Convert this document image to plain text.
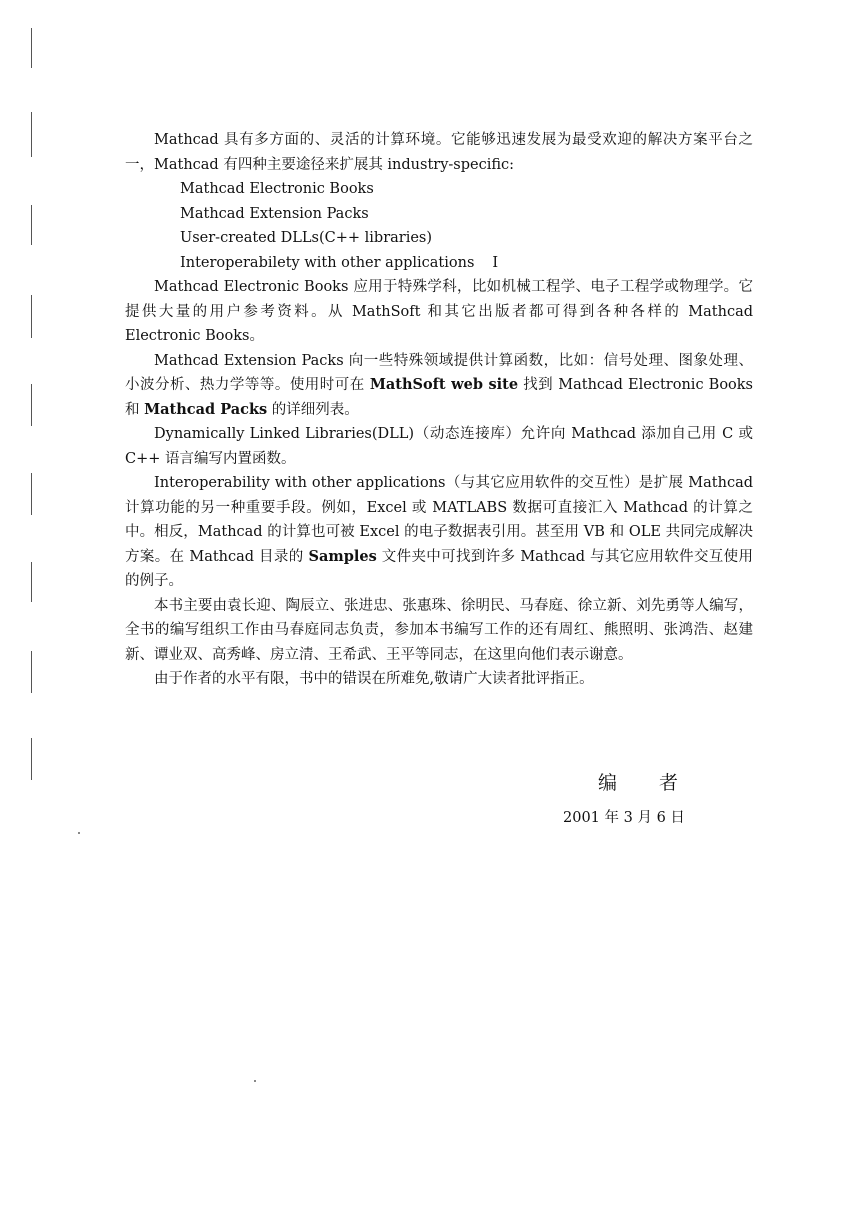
Mathcad 具有多方面的、灵活的计算环境。它能够迅速发展为最受欢迎的解决方案平台之一，Mathcad 有四种主要途径来扩展其 industry-specific:

Mathcad Electronic Books
Mathcad Extension Packs
User-created DLLs(C++ libraries)
Interoperabilety with other applications I

Mathcad Electronic Books 应用于特殊学科，比如机械工程学、电子工程学或物理学。它提供大量的用户参考资料。从 MathSoft 和其它出版者都可得到各种各样的 Mathcad Electronic Books。

Mathcad Extension Packs 向一些特殊领域提供计算函数，比如：信号处理、图象处理、小波分析、热力学等等。使用时可在 MathSoft web site 找到 Mathcad Electronic Books 和 Mathcad Packs 的详细列表。

Dynamically Linked Libraries(DLL)（动态连接库）允许向 Mathcad 添加自己用 C 或 C++ 语言编写内置函数。

Interoperability with other applications（与其它应用软件的交互性）是扩展 Mathcad 计算功能的另一种重要手段。例如，Excel 或 MATLABS 数据可直接汇入 Mathcad 的计算之中。相反，Mathcad 的计算也可被 Excel 的电子数据表引用。甚至用 VB 和 OLE 共同完成解决方案。在 Mathcad 目录的 Samples 文件夹中可找到许多 Mathcad 与其它应用软件交互使用的例子。

本书主要由袁长迎、陶辰立、张进忠、张惠珠、徐明民、马春庭、徐立新、刘先勇等人编写，全书的编写组织工作由马春庭同志负责，参加本书编写工作的还有周红、熊照明、张鸿浩、赵建新、谭业双、高秀峰、房立清、王希武、王平等同志，在这里向他们表示谢意。

由于作者的水平有限，书中的错误在所难免,敬请广大读者批评指正。

编 者
2001 年 3 月 6 日
